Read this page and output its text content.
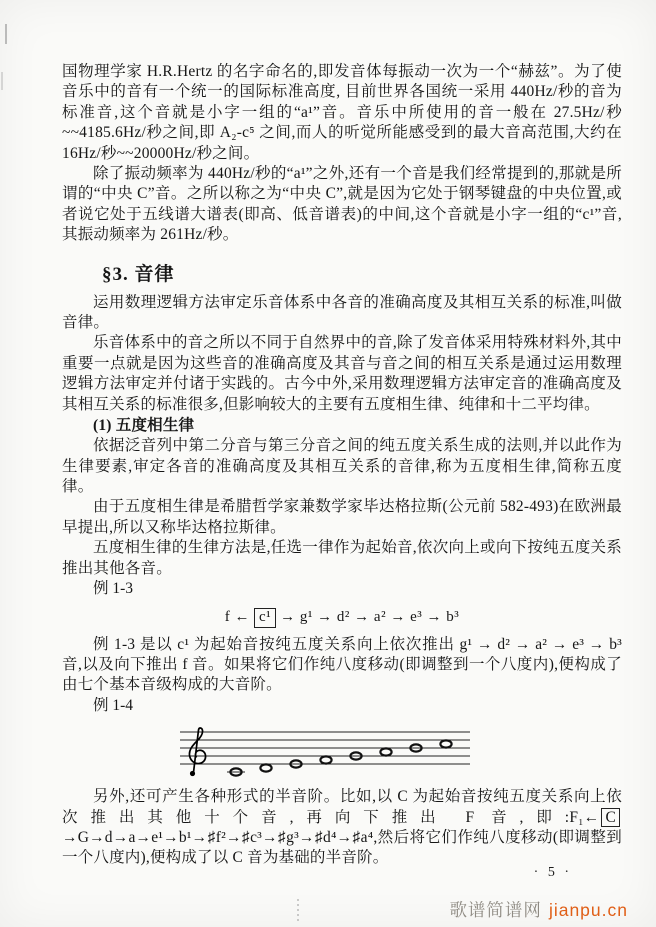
国物理学家 H.R.Hertz 的名字命名的,即发音体每振动一次为一个“赫兹”。为了使音乐中的音有一个统一的国际标准高度, 目前世界各国统一采用 440Hz/秒的音为标准音,这个音就是小字一组的“a¹”音。音乐中所使用的音一般在 27.5Hz/秒~~4185.6Hz/秒之间,即 A₂-c⁵ 之间,而人的听觉所能感受到的最大音高范围,大约在 16Hz/秒~~20000Hz/秒之间。

除了振动频率为 440Hz/秒的“a¹”之外,还有一个音是我们经常提到的,那就是所谓的“中央 C”音。之所以称之为“中央 C”,就是因为它处于钢琴键盘的中央位置,或者说它处于五线谱大谱表(即高、低音谱表)的中间,这个音就是小字一组的“c¹”音,其振动频率为 261Hz/秒。

§3. 音律

运用数理逻辑方法审定乐音体系中各音的准确高度及其相互关系的标准,叫做音律。

乐音体系中的音之所以不同于自然界中的音,除了发音体采用特殊材料外,其中重要一点就是因为这些音的准确高度及其音与音之间的相互关系是通过运用数理逻辑方法审定并付诸于实践的。古今中外,采用数理逻辑方法审定音的准确高度及其相互关系的标准很多,但影响较大的主要有五度相生律、纯律和十二平均律。

(1) 五度相生律

依据泛音列中第二分音与第三分音之间的纯五度关系生成的法则,并以此作为生律要素,审定各音的准确高度及其相互关系的音律,称为五度相生律,简称五度律。

由于五度相生律是希腊哲学家兼数学家毕达格拉斯(公元前 582-493)在欧洲最早提出,所以又称毕达格拉斯律。

五度相生律的生律方法是,任选一律作为起始音,依次向上或向下按纯五度关系推出其他各音。

例 1-3

f ← c¹ → g¹ → d² → a² → e³ → b³

例 1-3 是以 c¹ 为起始音按纯五度关系向上依次推出 g¹ → d² → a² → e³ → b³ 音,以及向下推出 f 音。如果将它们作纯八度移动(即调整到一个八度内),便构成了由七个基本音级构成的大音阶。

例 1-4

另外,还可产生各种形式的半音阶。比如,以 C 为起始音按纯五度关系向上依次推出其他十个音,再向下推出 F 音,即:F₁← C→G→d→a→e¹→b¹→♯f²→♯c³→♯g³→♯d⁴→♯a⁴,然后将它们作纯八度移动(即调整到一个八度内),便构成了以 C 音为基础的半音阶。

· 5 ·
歌谱简谱网 jianpu.cn
